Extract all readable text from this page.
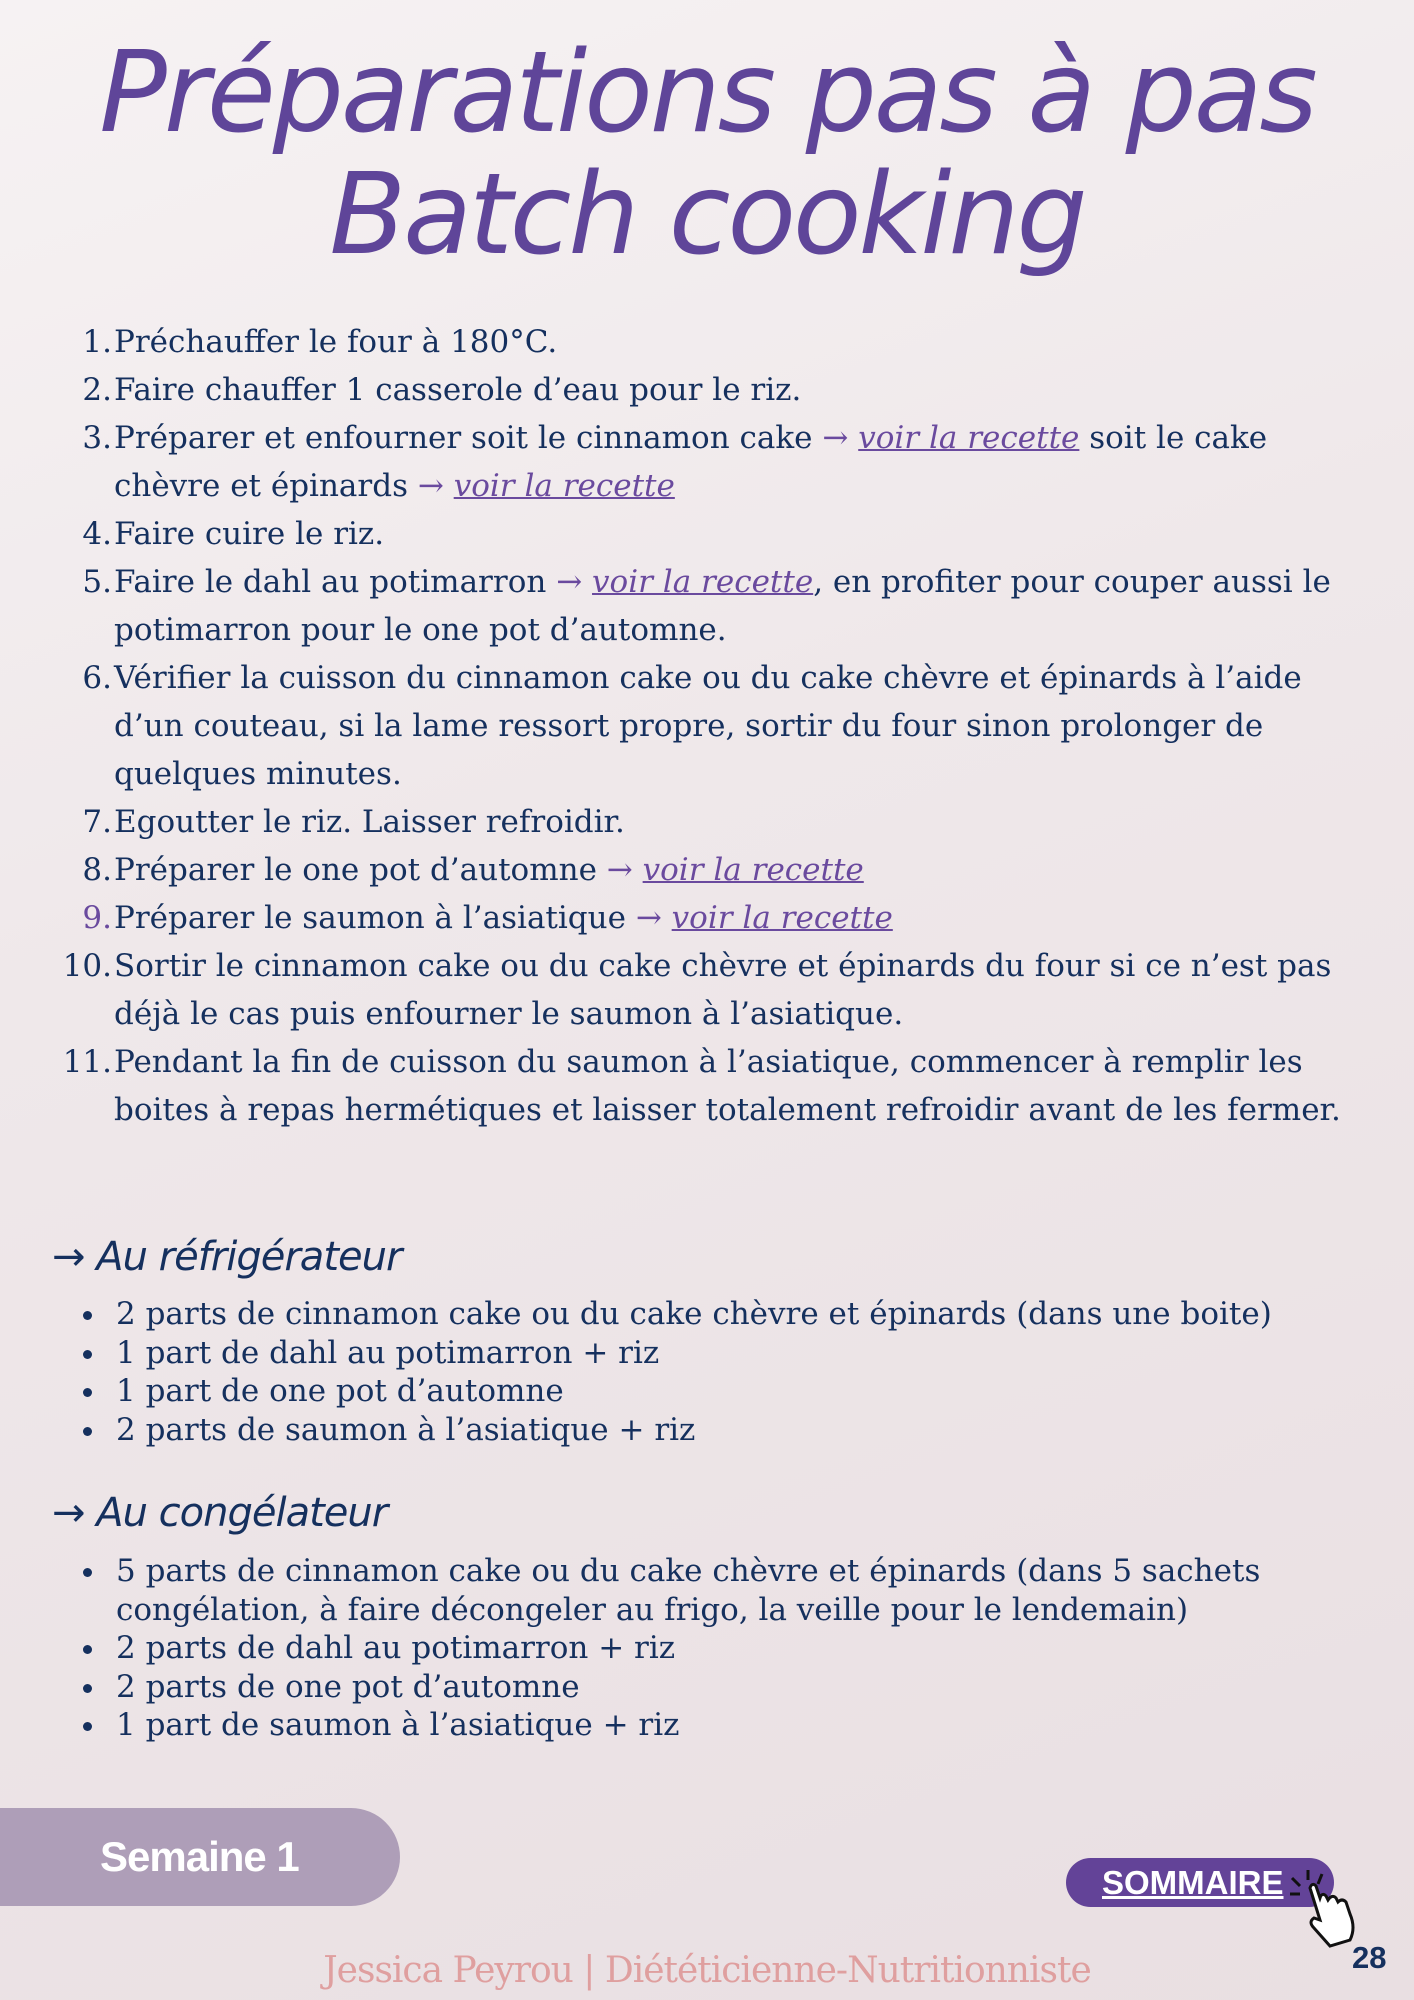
Préparations pas à pas
Batch cooking
1. Préchauffer le four à 180°C.
2. Faire chauffer 1 casserole d’eau pour le riz.
3. Préparer et enfourner soit le cinnamon cake → voir la recette soit le cake chèvre et épinards → voir la recette
4. Faire cuire le riz.
5. Faire le dahl au potimarron → voir la recette, en profiter pour couper aussi le potimarron pour le one pot d’automne.
6. Vérifier la cuisson du cinnamon cake ou du cake chèvre et épinards à l’aide d’un couteau, si la lame ressort propre, sortir du four sinon prolonger de quelques minutes.
7. Egoutter le riz. Laisser refroidir.
8. Préparer le one pot d’automne → voir la recette
9. Préparer le saumon à l’asiatique → voir la recette
10. Sortir le cinnamon cake ou du cake chèvre et épinards du four si ce n’est pas déjà le cas puis enfourner le saumon à l’asiatique.
11. Pendant la fin de cuisson du saumon à l’asiatique, commencer à remplir les boites à repas hermétiques et laisser totalement refroidir avant de les fermer.
→ Au réfrigérateur
2 parts de cinnamon cake ou du cake chèvre et épinards (dans une boite)
1 part de dahl au potimarron + riz
1 part de one pot d’automne
2 parts de saumon à l’asiatique + riz
→ Au congélateur
5 parts de cinnamon cake ou du cake chèvre et épinards (dans 5 sachets congélation, à faire décongeler au frigo, la veille pour le lendemain)
2 parts de dahl au potimarron + riz
2 parts de one pot d’automne
1 part de saumon à l’asiatique + riz
Semaine 1
SOMMAIRE
28
Jessica Peyrou | Diététicienne-Nutritionniste
